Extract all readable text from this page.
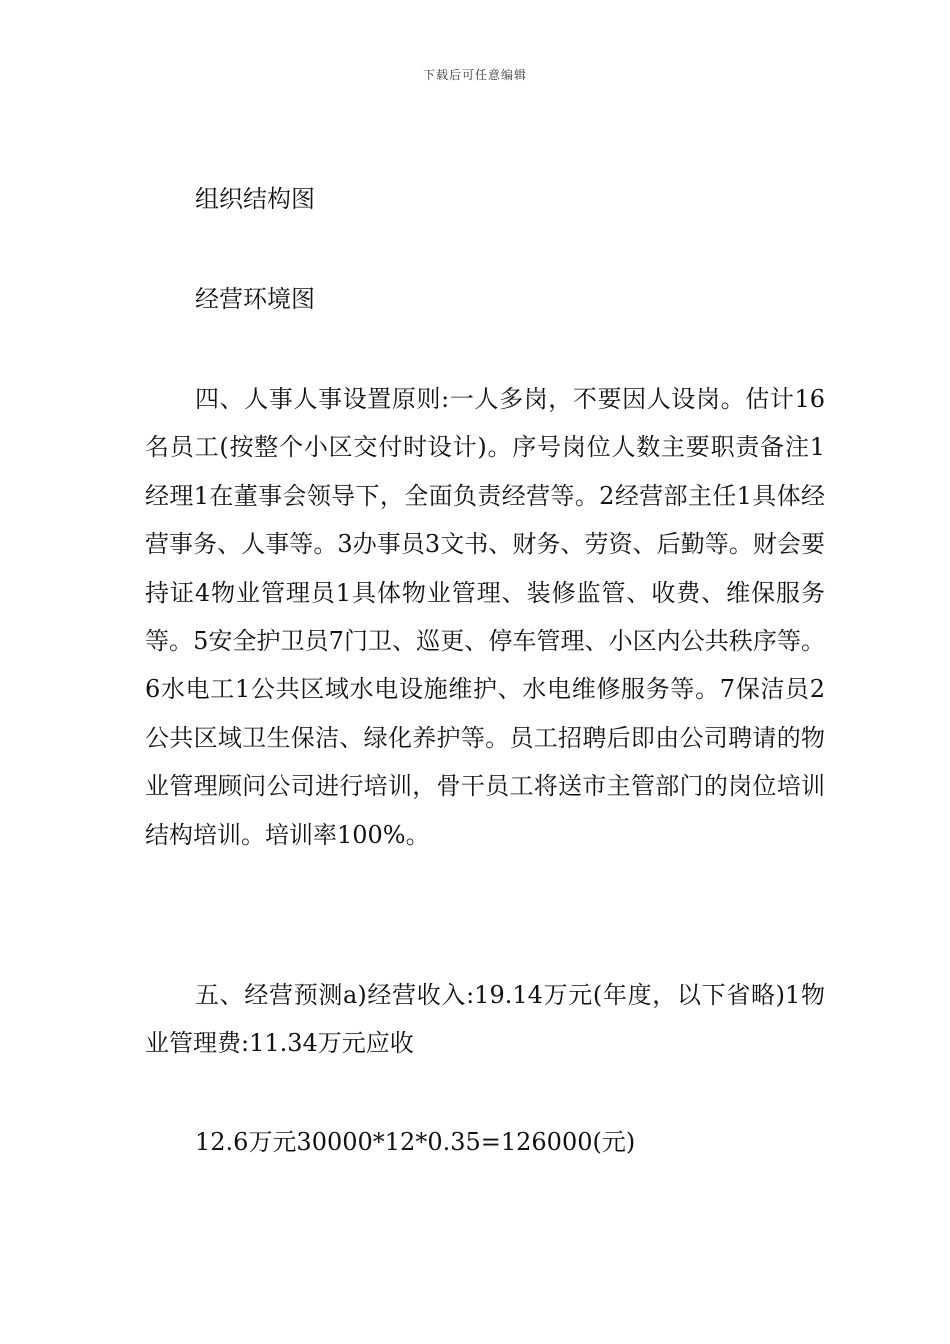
下载后可任意编辑

组织结构图

经营环境图

四、人事人事设置原则:一人多岗，不要因人设岗。估计16名员工(按整个小区交付时设计)。序号岗位人数主要职责备注1经理1在董事会领导下，全面负责经营等。2经营部主任1具体经营事务、人事等。3办事员3文书、财务、劳资、后勤等。财会要持证4物业管理员1具体物业管理、装修监管、收费、维保服务等。5安全护卫员7门卫、巡更、停车管理、小区内公共秩序等。6水电工1公共区域水电设施维护、水电维修服务等。7保洁员2公共区域卫生保洁、绿化养护等。员工招聘后即由公司聘请的物业管理顾问公司进行培训，骨干员工将送市主管部门的岗位培训结构培训。培训率100%。

五、经营预测a)经营收入:19.14万元(年度，以下省略)1物业管理费:11.34万元应收

12.6万元30000*12*0.35=126000(元)
